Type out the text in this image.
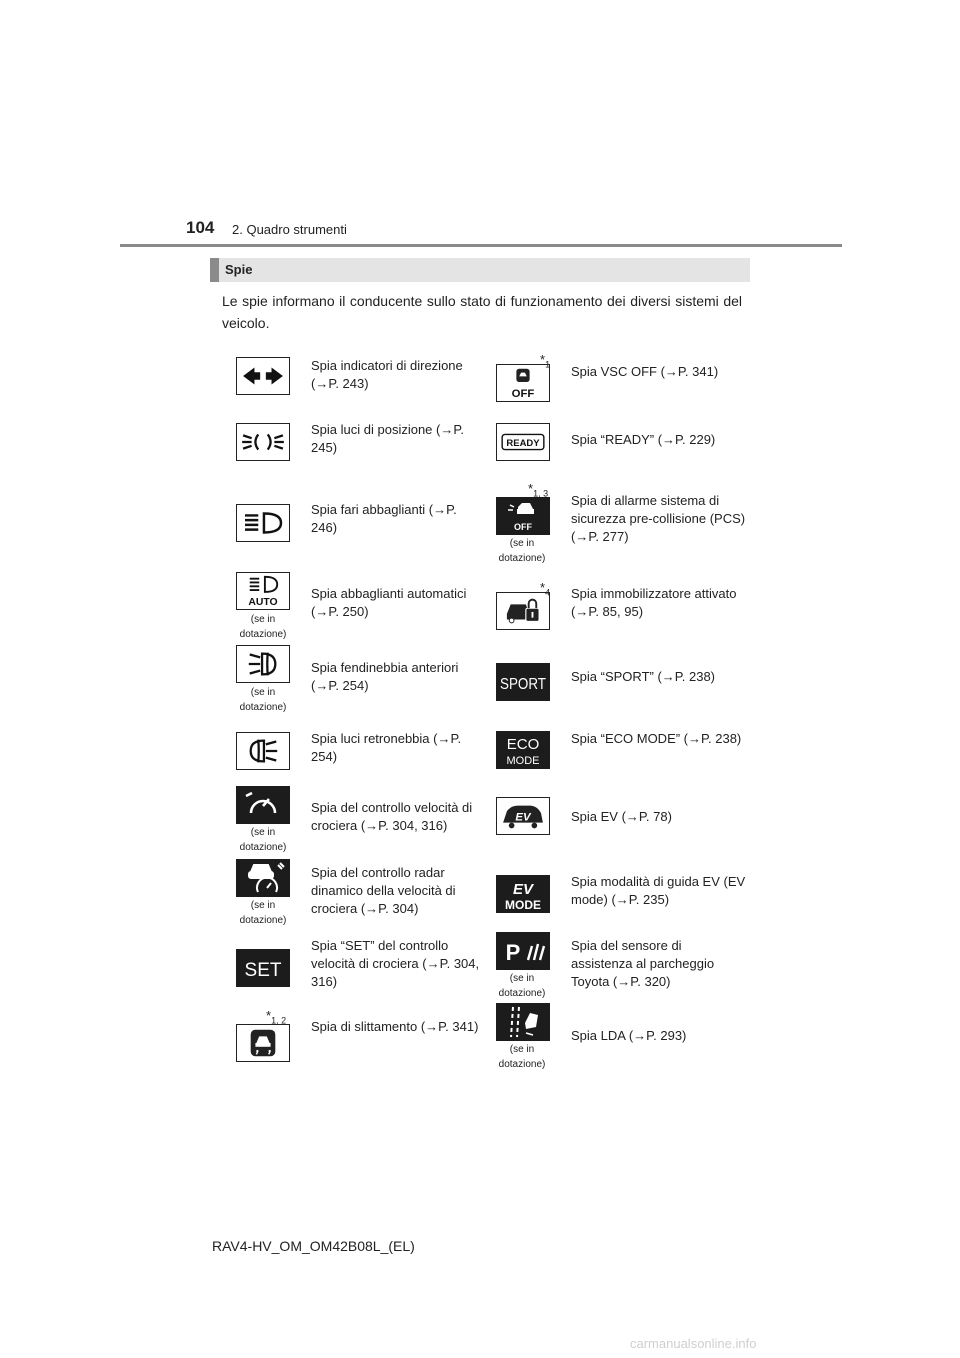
104 2. Quadro strumenti
Spie
Le spie informano il conducente sullo stato di funzionamento dei diversi sistemi del veicolo.
AUTO
(se in dotazione)
(se in dotazione)
(se in dotazione)
(se in dotazione)
SET
Spia indicatori di direzione (→P. 243)
Spia luci di posizione (→P. 245)
Spia fari abbaglianti (→P. 246)
Spia abbaglianti automatici (→P. 250)
Spia fendinebbia anteriori (→P. 254)
Spia luci retronebbia (→P. 254)
Spia del controllo velocità di crociera (→P. 304, 316)
Spia del controllo radar dinamico della velocità di crociera (→P. 304)
Spia “SET” del controllo velocità di crociera (→P. 304, 316)
Spia di slittamento (→P. 341)
$*_{1, 2}$
OFF
$*_1$
READY
OFF
$*_{1, 3}$
(se in dotazione)
$*_4$
SPORT
ECO
MODE
EV
EV
MODE
P
(se in dotazione)
(se in dotazione)
Spia VSC OFF (→P. 341)
Spia “READY” (→P. 229)
Spia di allarme sistema di sicurezza pre-collisione (PCS) (→P. 277)
Spia immobilizzatore attivato (→P. 85, 95)
Spia “SPORT” (→P. 238)
Spia “ECO MODE” (→P. 238)
Spia EV (→P. 78)
Spia modalità di guida EV (EV mode) (→P. 235)
Spia del sensore di assistenza al parcheggio Toyota (→P. 320)
Spia LDA (→P. 293)
RAV4-HV_OM_OM42B08L_(EL)
carmanualsonline.info
